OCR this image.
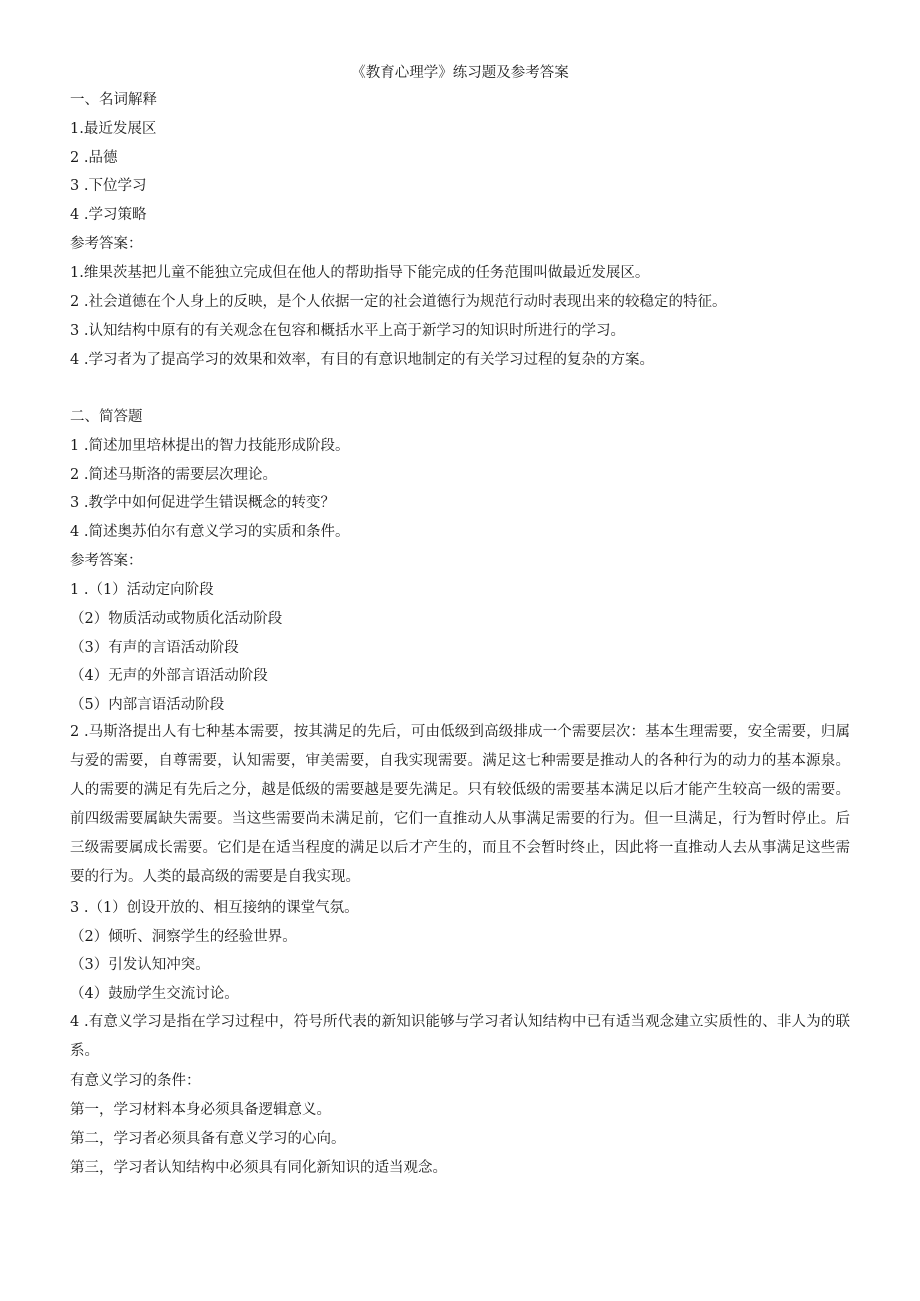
《教育心理学》练习题及参考答案
一、名词解释
1.最近发展区
2 .品德
3 .下位学习
4 .学习策略
参考答案：
1.维果茨基把儿童不能独立完成但在他人的帮助指导下能完成的任务范围叫做最近发展区。
2 .社会道德在个人身上的反映，是个人依据一定的社会道德行为规范行动时表现出来的较稳定的特征。
3 .认知结构中原有的有关观念在包容和概括水平上高于新学习的知识时所进行的学习。
4 .学习者为了提高学习的效果和效率，有目的有意识地制定的有关学习过程的复杂的方案。
二、简答题
1 .简述加里培林提出的智力技能形成阶段。
2 .简述马斯洛的需要层次理论。
3 .教学中如何促进学生错误概念的转变？
4 .简述奥苏伯尔有意义学习的实质和条件。
参考答案：
1 .（1）活动定向阶段
（2）物质活动或物质化活动阶段
（3）有声的言语活动阶段
（4）无声的外部言语活动阶段
（5）内部言语活动阶段
2 .马斯洛提出人有七种基本需要，按其满足的先后，可由低级到高级排成一个需要层次：基本生理需要，安全需要，归属与爱的需要，自尊需要，认知需要，审美需要，自我实现需要。满足这七种需要是推动人的各种行为的动力的基本源泉。人的需要的满足有先后之分，越是低级的需要越是要先满足。只有较低级的需要基本满足以后才能产生较高一级的需要。前四级需要属缺失需要。当这些需要尚未满足前，它们一直推动人从事满足需要的行为。但一旦满足，行为暂时停止。后三级需要属成长需要。它们是在适当程度的满足以后才产生的，而且不会暂时终止，因此将一直推动人去从事满足这些需要的行为。人类的最高级的需要是自我实现。
3 .（1）创设开放的、相互接纳的课堂气氛。
（2）倾听、洞察学生的经验世界。
（3）引发认知冲突。
（4）鼓励学生交流讨论。
4 .有意义学习是指在学习过程中，符号所代表的新知识能够与学习者认知结构中已有适当观念建立实质性的、非人为的联系。
有意义学习的条件：
第一，学习材料本身必须具备逻辑意义。
第二，学习者必须具备有意义学习的心向。
第三，学习者认知结构中必须具有同化新知识的适当观念。
